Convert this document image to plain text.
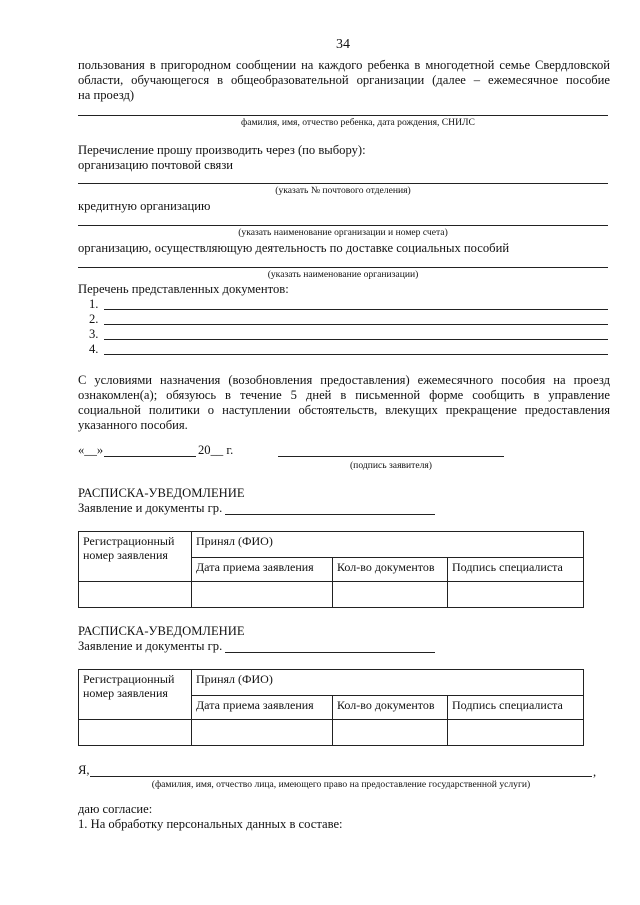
34
пользования в пригородном сообщении на каждого ребенка в многодетной семье Свердловской
области, обучающегося в общеобразовательной организации (далее – ежемесячное пособие
на проезд)
фамилия, имя, отчество ребенка, дата рождения, СНИЛС
Перечисление прошу производить через (по выбору):
организацию почтовой связи
(указать № почтового отделения)
кредитную организацию
(указать наименование организации и номер счета)
организацию, осуществляющую деятельность по доставке социальных пособий
(указать наименование организации)
Перечень представленных документов:
1.
2.
3.
4.
С условиями назначения (возобновления предоставления) ежемесячного пособия на проезд
ознакомлен(а); обязуюсь в течение 5 дней в письменной форме сообщить в управление
социальной политики о наступлении обстоятельств, влекущих прекращение предоставления
указанного пособия.
«__»	20__ г.
(подпись заявителя)
РАСПИСКА-УВЕДОМЛЕНИЕ
Заявление и документы гр.
Регистрационный номер заявления	Принял (ФИО)		
	Дата приема заявления	Кол-во документов	Подпись специалиста

РАСПИСКА-УВЕДОМЛЕНИЕ
Заявление и документы гр.
Регистрационный номер заявления	Принял (ФИО)		
	Дата приема заявления	Кол-во документов	Подпись специалиста

Я,	,
(фамилия, имя, отчество лица, имеющего право на предоставление государственной услуги)
даю согласие:
1. На обработку персональных данных в составе:
